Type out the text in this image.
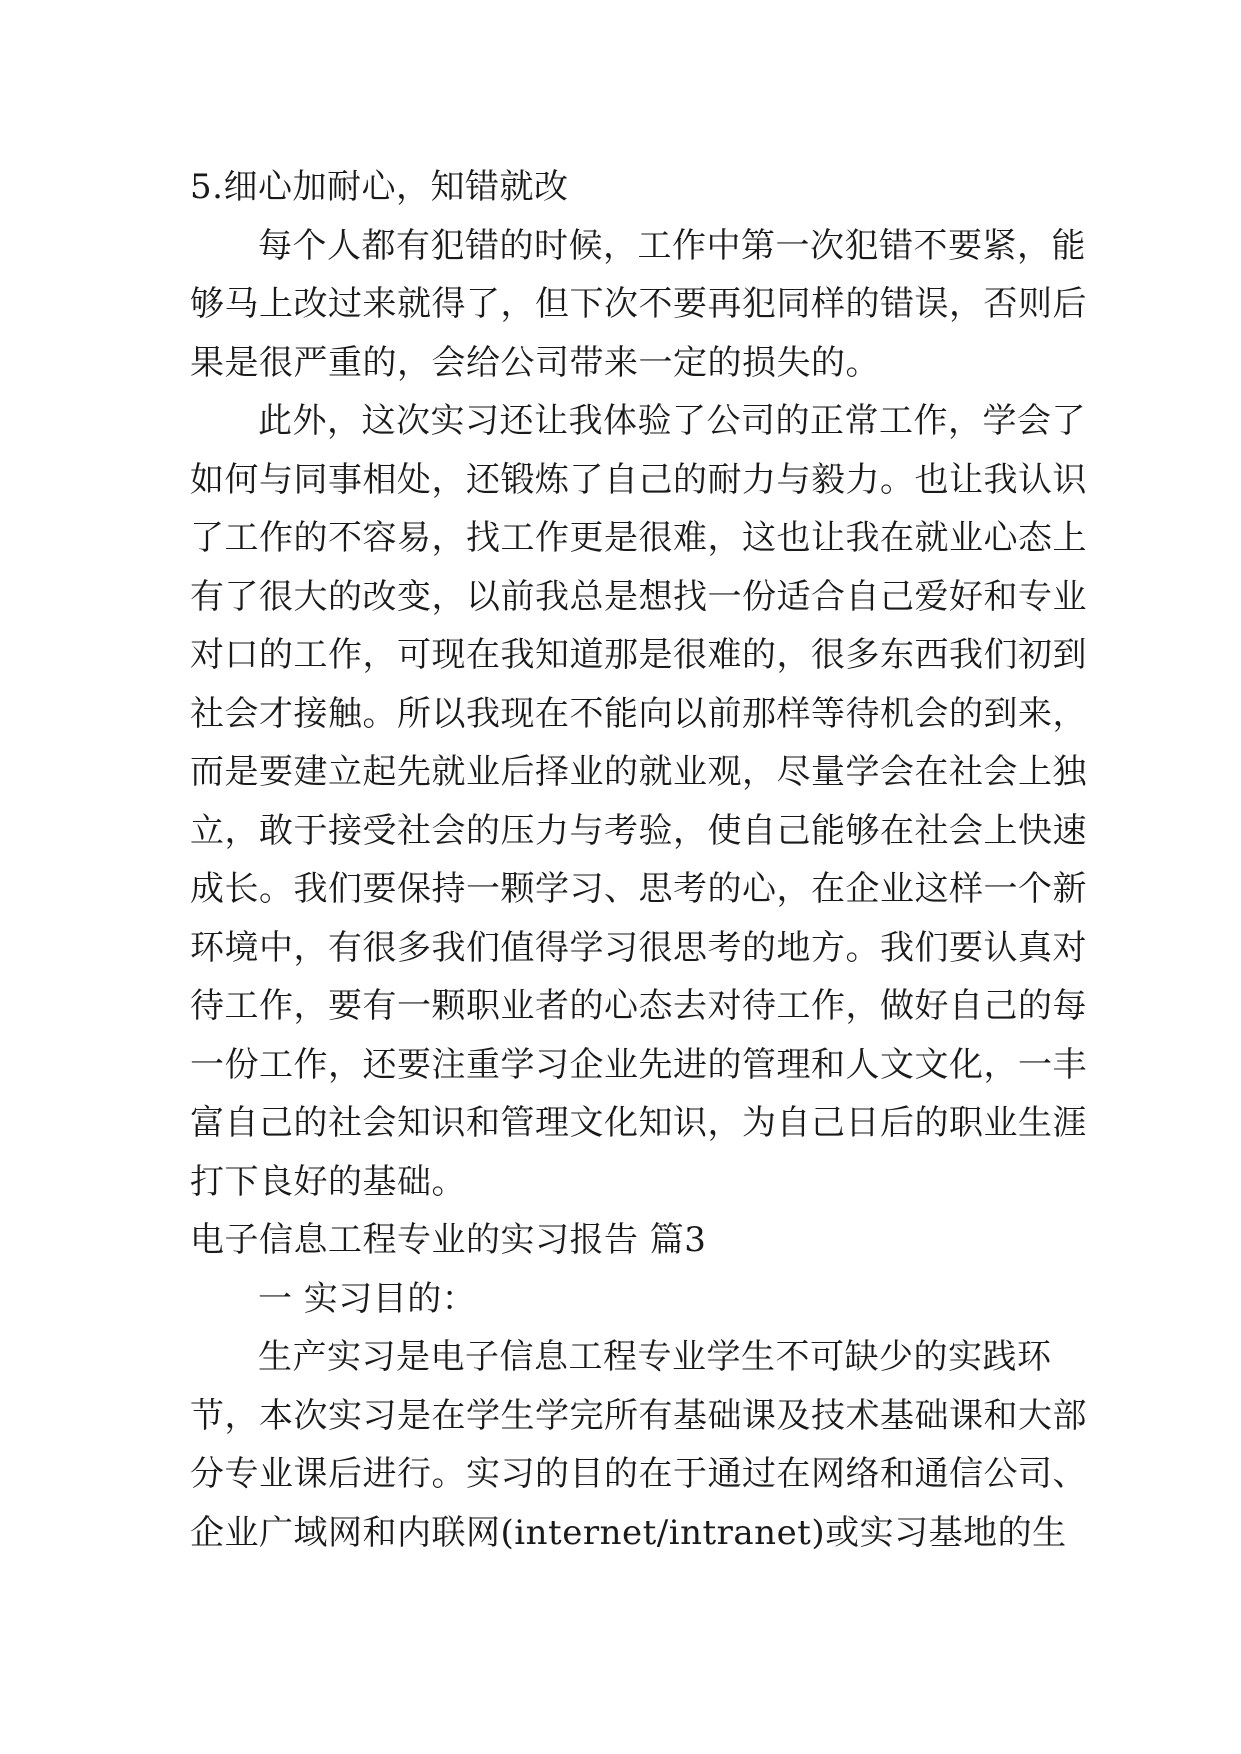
5.细心加耐心，知错就改
每个人都有犯错的时候，工作中第一次犯错不要紧，能
够马上改过来就得了，但下次不要再犯同样的错误，否则后
果是很严重的，会给公司带来一定的损失的。
此外，这次实习还让我体验了公司的正常工作，学会了
如何与同事相处，还锻炼了自己的耐力与毅力。也让我认识
了工作的不容易，找工作更是很难，这也让我在就业心态上
有了很大的改变，以前我总是想找一份适合自己爱好和专业
对口的工作，可现在我知道那是很难的，很多东西我们初到
社会才接触。所以我现在不能向以前那样等待机会的到来，
而是要建立起先就业后择业的就业观，尽量学会在社会上独
立，敢于接受社会的压力与考验，使自己能够在社会上快速
成长。我们要保持一颗学习、思考的心，在企业这样一个新
环境中，有很多我们值得学习很思考的地方。我们要认真对
待工作，要有一颗职业者的心态去对待工作，做好自己的每
一份工作，还要注重学习企业先进的管理和人文文化，一丰
富自己的社会知识和管理文化知识，为自己日后的职业生涯
打下良好的基础。
电子信息工程专业的实习报告 篇3
一 实习目的：
生产实习是电子信息工程专业学生不可缺少的实践环
节，本次实习是在学生学完所有基础课及技术基础课和大部
分专业课后进行。实习的目的在于通过在网络和通信公司、
企业广域网和内联网(internet/intranet)或实习基地的生
